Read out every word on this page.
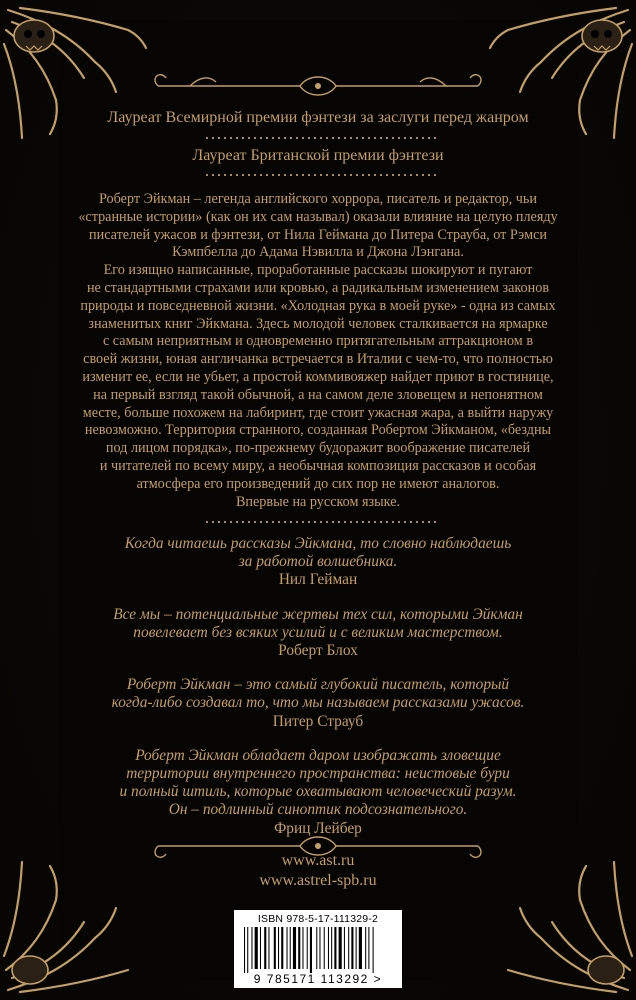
Лауреат Всемирной премии фэнтези за заслуги перед жанром
Лауреат Британской премии фэнтези
Роберт Эйкман – легенда английского хоррора, писатель и редактор, чьи
«странные истории» (как он их сам называл) оказали влияние на целую плеяду
писателей ужасов и фэнтези, от Нила Геймана до Питера Страуба, от Рэмси
Кэмпбелла до Адама Нэвилла и Джона Лэнгана.
Его изящно написанные, проработанные рассказы шокируют и пугают
не стандартными страхами или кровью, а радикальным изменением законов
природы и повседневной жизни. «Холодная рука в моей руке» - одна из самых
знаменитых книг Эйкмана. Здесь молодой человек сталкивается на ярмарке
с самым неприятным и одновременно притягательным аттракционом в
своей жизни, юная англичанка встречается в Италии с чем-то, что полностью
изменит ее, если не убьет, а простой коммивояжер найдет приют в гостинице,
на первый взгляд такой обычной, а на самом деле зловещем и непонятном
месте, больше похожем на лабиринт, где стоит ужасная жара, а выйти наружу
невозможно. Территория странного, созданная Робертом Эйкманом, «бездны
под лицом порядка», по-прежнему будоражит воображение писателей
и читателей по всему миру, а необычная композиция рассказов и особая
атмосфера его произведений до сих пор не имеют аналогов.
Впервые на русском языке.
Когда читаешь рассказы Эйкмана, то словно наблюдаешь
за работой волшебника.
Нил Гейман
Все мы – потенциальные жертвы тех сил, которыми Эйкман
повелевает без всяких усилий и с великим мастерством.
Роберт Блох
Роберт Эйкман – это самый глубокий писатель, который
когда-либо создавал то, что мы называем рассказами ужасов.
Питер Страуб
Роберт Эйкман обладает даром изображать зловещие
территории внутреннего пространства: неистовые бури
и полный штиль, которые охватывают человеческий разум.
Он – подлинный синоптик подсознательного.
Фриц Лейбер
www.ast.ru
www.astrel-spb.ru
ISBN 978-5-17-111329-2
9 785171 113292 >
